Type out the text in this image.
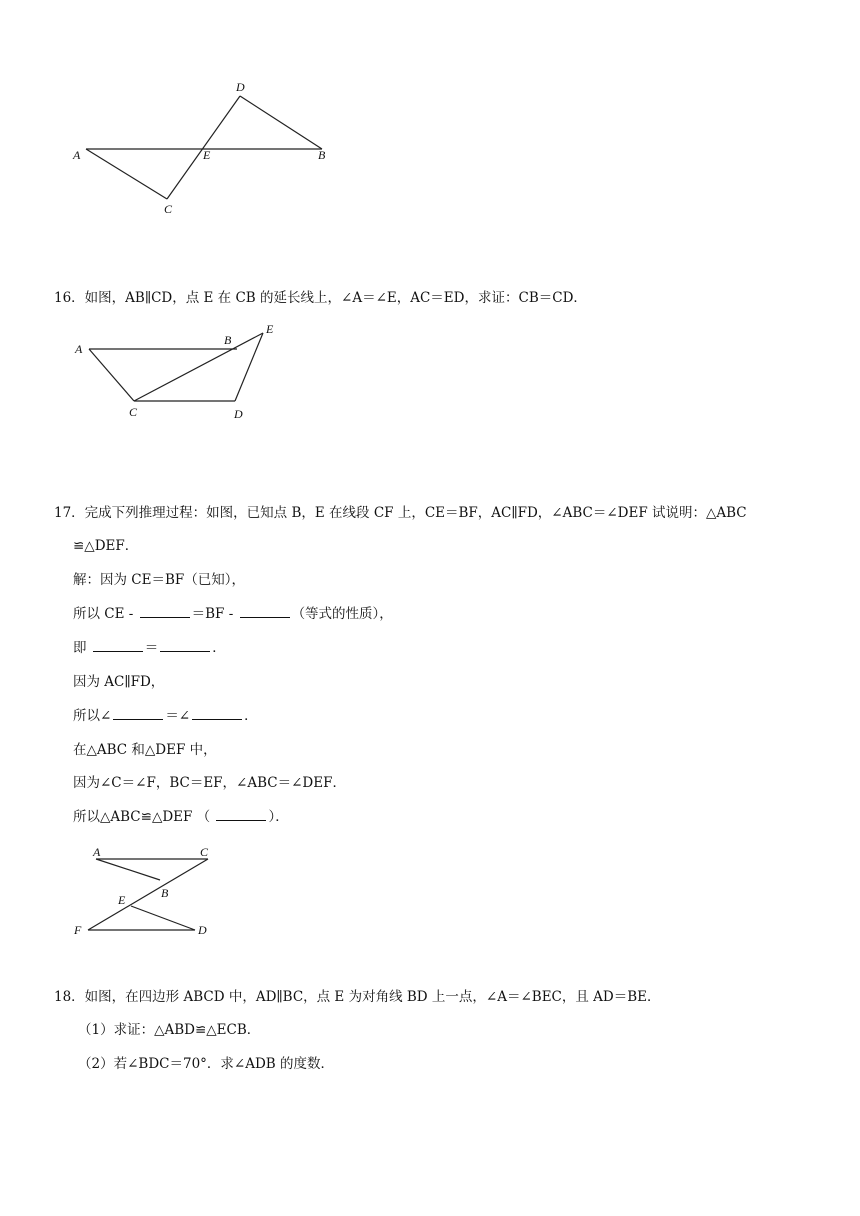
D
A	E	B
C
16．如图，AB∥CD，点 E 在 CB 的延长线上，∠A＝∠E，AC＝ED，求证：CB＝CD．
A
B
E
C	D
17．完成下列推理过程：如图，已知点 B，E 在线段 CF 上，CE＝BF，AC∥FD，∠ABC＝∠DEF 试说明：△ABC
≌△DEF．
解：因为 CE＝BF（已知），
所以 CE -	＝BF -	（等式的性质），
即	＝	．
因为 AC∥FD，
所以∠	＝∠	．
在△ABC 和△DEF 中，
因为∠C＝∠F，BC＝EF，∠ABC＝∠DEF．
所以△ABC≌△DEF （	）．
A	C
B
E
F	D
18．如图，在四边形 ABCD 中，AD∥BC，点 E 为对角线 BD 上一点，∠A＝∠BEC，且 AD＝BE．
（1）求证：△ABD≌△ECB．
（2）若∠BDC＝70°．求∠ADB 的度数．
